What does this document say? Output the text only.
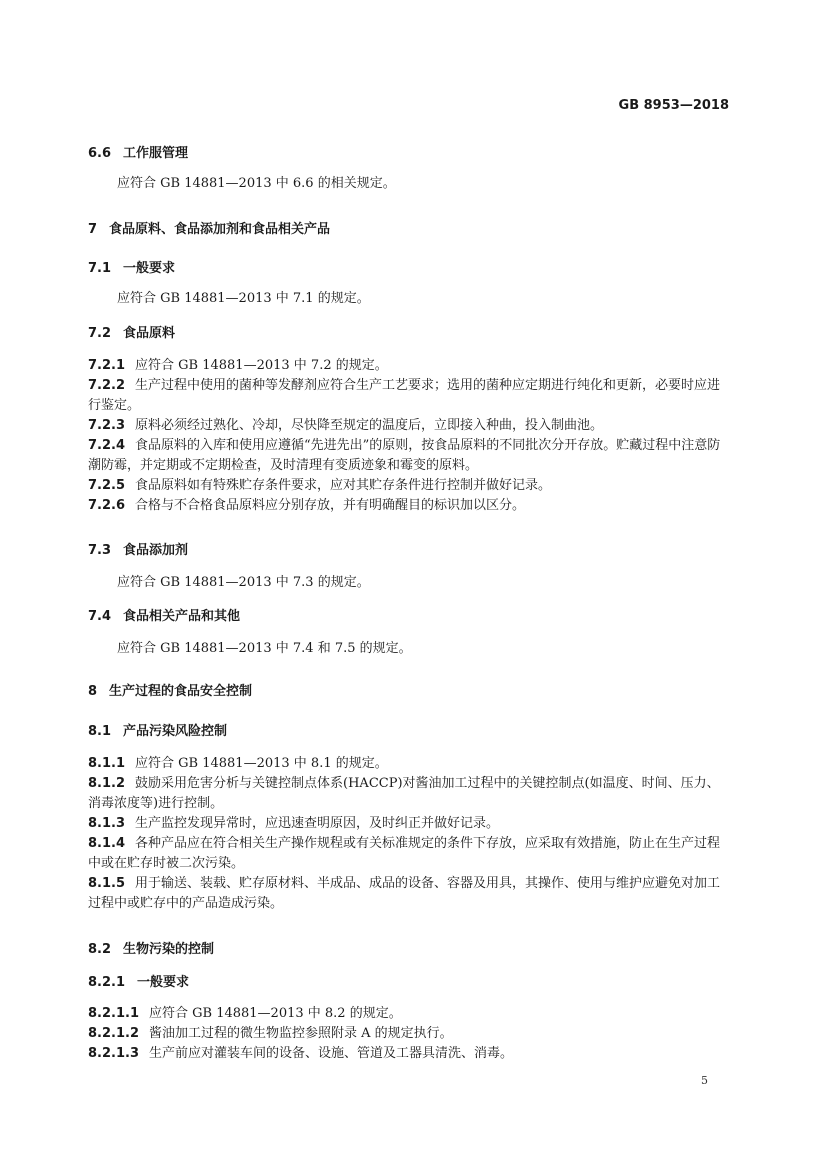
GB 8953—2018
6.6 工作服管理
应符合 GB 14881—2013 中 6.6 的相关规定。
7 食品原料、食品添加剂和食品相关产品
7.1 一般要求
应符合 GB 14881—2013 中 7.1 的规定。
7.2 食品原料
7.2.1 应符合 GB 14881—2013 中 7.2 的规定。
7.2.2 生产过程中使用的菌种等发酵剂应符合生产工艺要求；选用的菌种应定期进行纯化和更新，必要时应进行鉴定。
7.2.3 原料必须经过熟化、冷却，尽快降至规定的温度后，立即接入种曲，投入制曲池。
7.2.4 食品原料的入库和使用应遵循“先进先出”的原则，按食品原料的不同批次分开存放。贮藏过程中注意防潮防霉，并定期或不定期检查，及时清理有变质迹象和霉变的原料。
7.2.5 食品原料如有特殊贮存条件要求，应对其贮存条件进行控制并做好记录。
7.2.6 合格与不合格食品原料应分别存放，并有明确醒目的标识加以区分。
7.3 食品添加剂
应符合 GB 14881—2013 中 7.3 的规定。
7.4 食品相关产品和其他
应符合 GB 14881—2013 中 7.4 和 7.5 的规定。
8 生产过程的食品安全控制
8.1 产品污染风险控制
8.1.1 应符合 GB 14881—2013 中 8.1 的规定。
8.1.2 鼓励采用危害分析与关键控制点体系(HACCP)对酱油加工过程中的关键控制点(如温度、时间、压力、消毒浓度等)进行控制。
8.1.3 生产监控发现异常时，应迅速查明原因，及时纠正并做好记录。
8.1.4 各种产品应在符合相关生产操作规程或有关标准规定的条件下存放，应采取有效措施，防止在生产过程中或在贮存时被二次污染。
8.1.5 用于输送、装载、贮存原材料、半成品、成品的设备、容器及用具，其操作、使用与维护应避免对加工过程中或贮存中的产品造成污染。
8.2 生物污染的控制
8.2.1 一般要求
8.2.1.1 应符合 GB 14881—2013 中 8.2 的规定。
8.2.1.2 酱油加工过程的微生物监控参照附录 A 的规定执行。
8.2.1.3 生产前应对灌装车间的设备、设施、管道及工器具清洗、消毒。
5
